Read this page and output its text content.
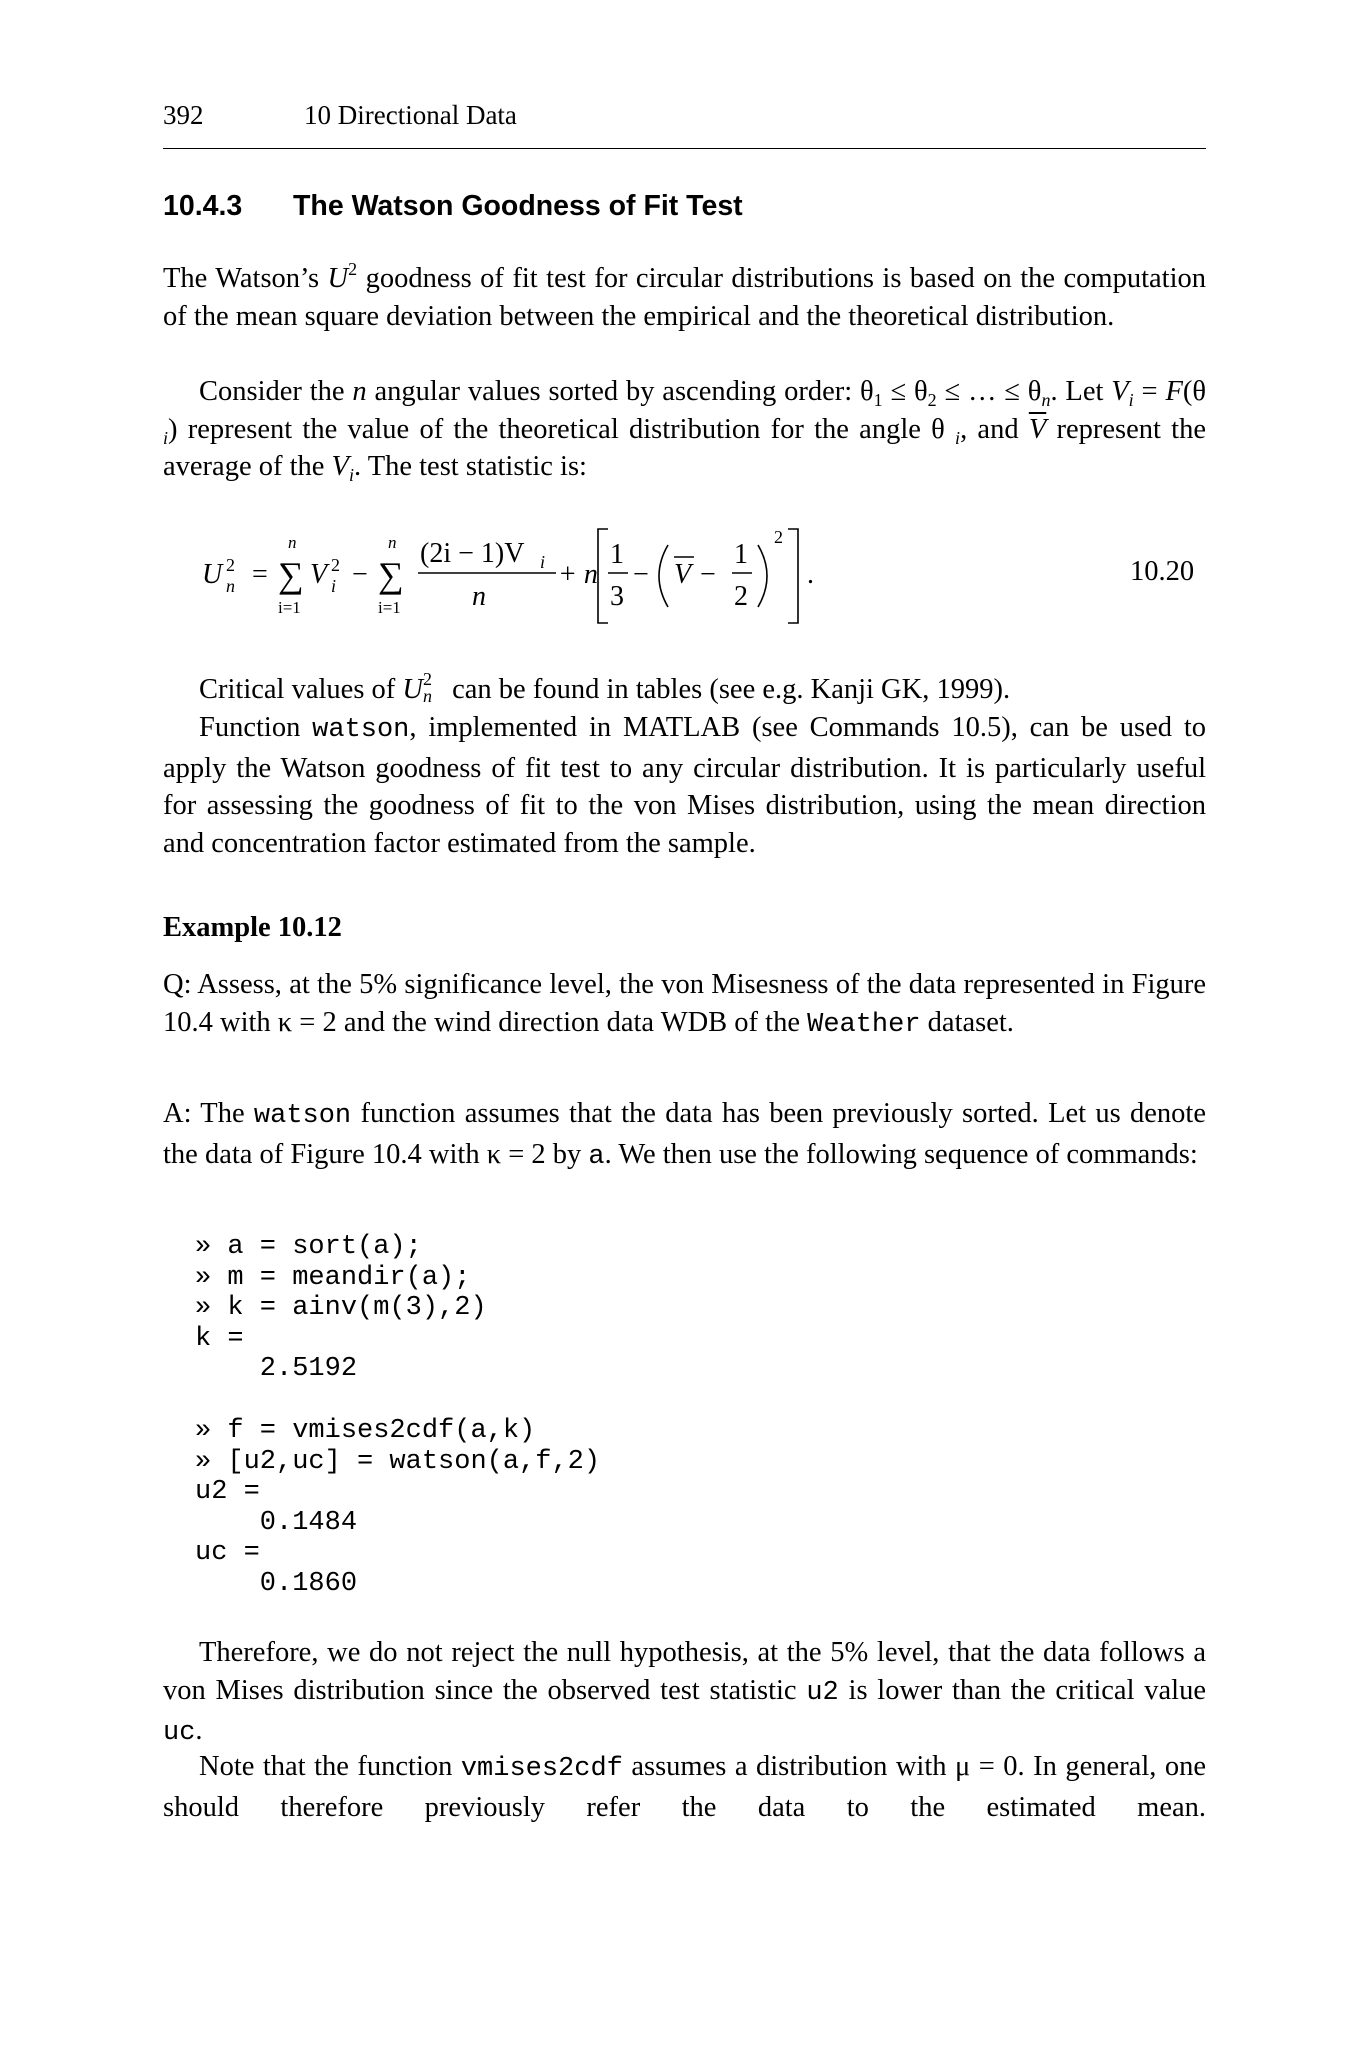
392	10 Directional Data
10.4.3 The Watson Goodness of Fit Test
The Watson’s $U^2$ goodness of fit test for circular distributions is based on the computation of the mean square deviation between the empirical and the theoretical distribution.
Consider the n angular values sorted by ascending order: $\theta_1 \le \theta_2$ ≤ … ≤ $\theta_n$. Let $V_i = F(\theta$ $_i$) represent the value of the theoretical distribution for the angle θ $_i$, and $\overline{V}$ represent the average of the $V_i$. The test statistic is:
U 2
n =
n
∑
i=1
V 2
i −
n
∑
i=1
(2i − 1)V i
n
+ n
1
3
− V −
1
2
2
.	10.20
Critical values of U 2
n can be found in tables (see e.g. Kanji GK, 1999).
Function watson, implemented in MATLAB (see Commands 10.5), can be used to apply the Watson goodness of fit test to any circular distribution. It is particularly useful for assessing the goodness of fit to the von Mises distribution, using the mean direction and concentration factor estimated from the sample.
Example 10.12
Q: Assess, at the 5% significance level, the von Misesness of the data represented in Figure 10.4 with κ = 2 and the wind direction data WDB of the Weather dataset.
A: The watson function assumes that the data has been previously sorted. Let us denote the data of Figure 10.4 with κ = 2 by a. We then use the following sequence of commands:
» a = sort(a);
» m = meandir(a);
» k = ainv(m(3),2)
k =
2.5192
» f = vmises2cdf(a,k)
» [u2,uc] = watson(a,f,2)
u2 =
0.1484
uc =
0.1860
Therefore, we do not reject the null hypothesis, at the 5% level, that the data follows a von Mises distribution since the observed test statistic u2 is lower than the critical value uc.
Note that the function vmises2cdf assumes a distribution with μ = 0. In general, one should therefore previously refer the data to the estimated mean.
